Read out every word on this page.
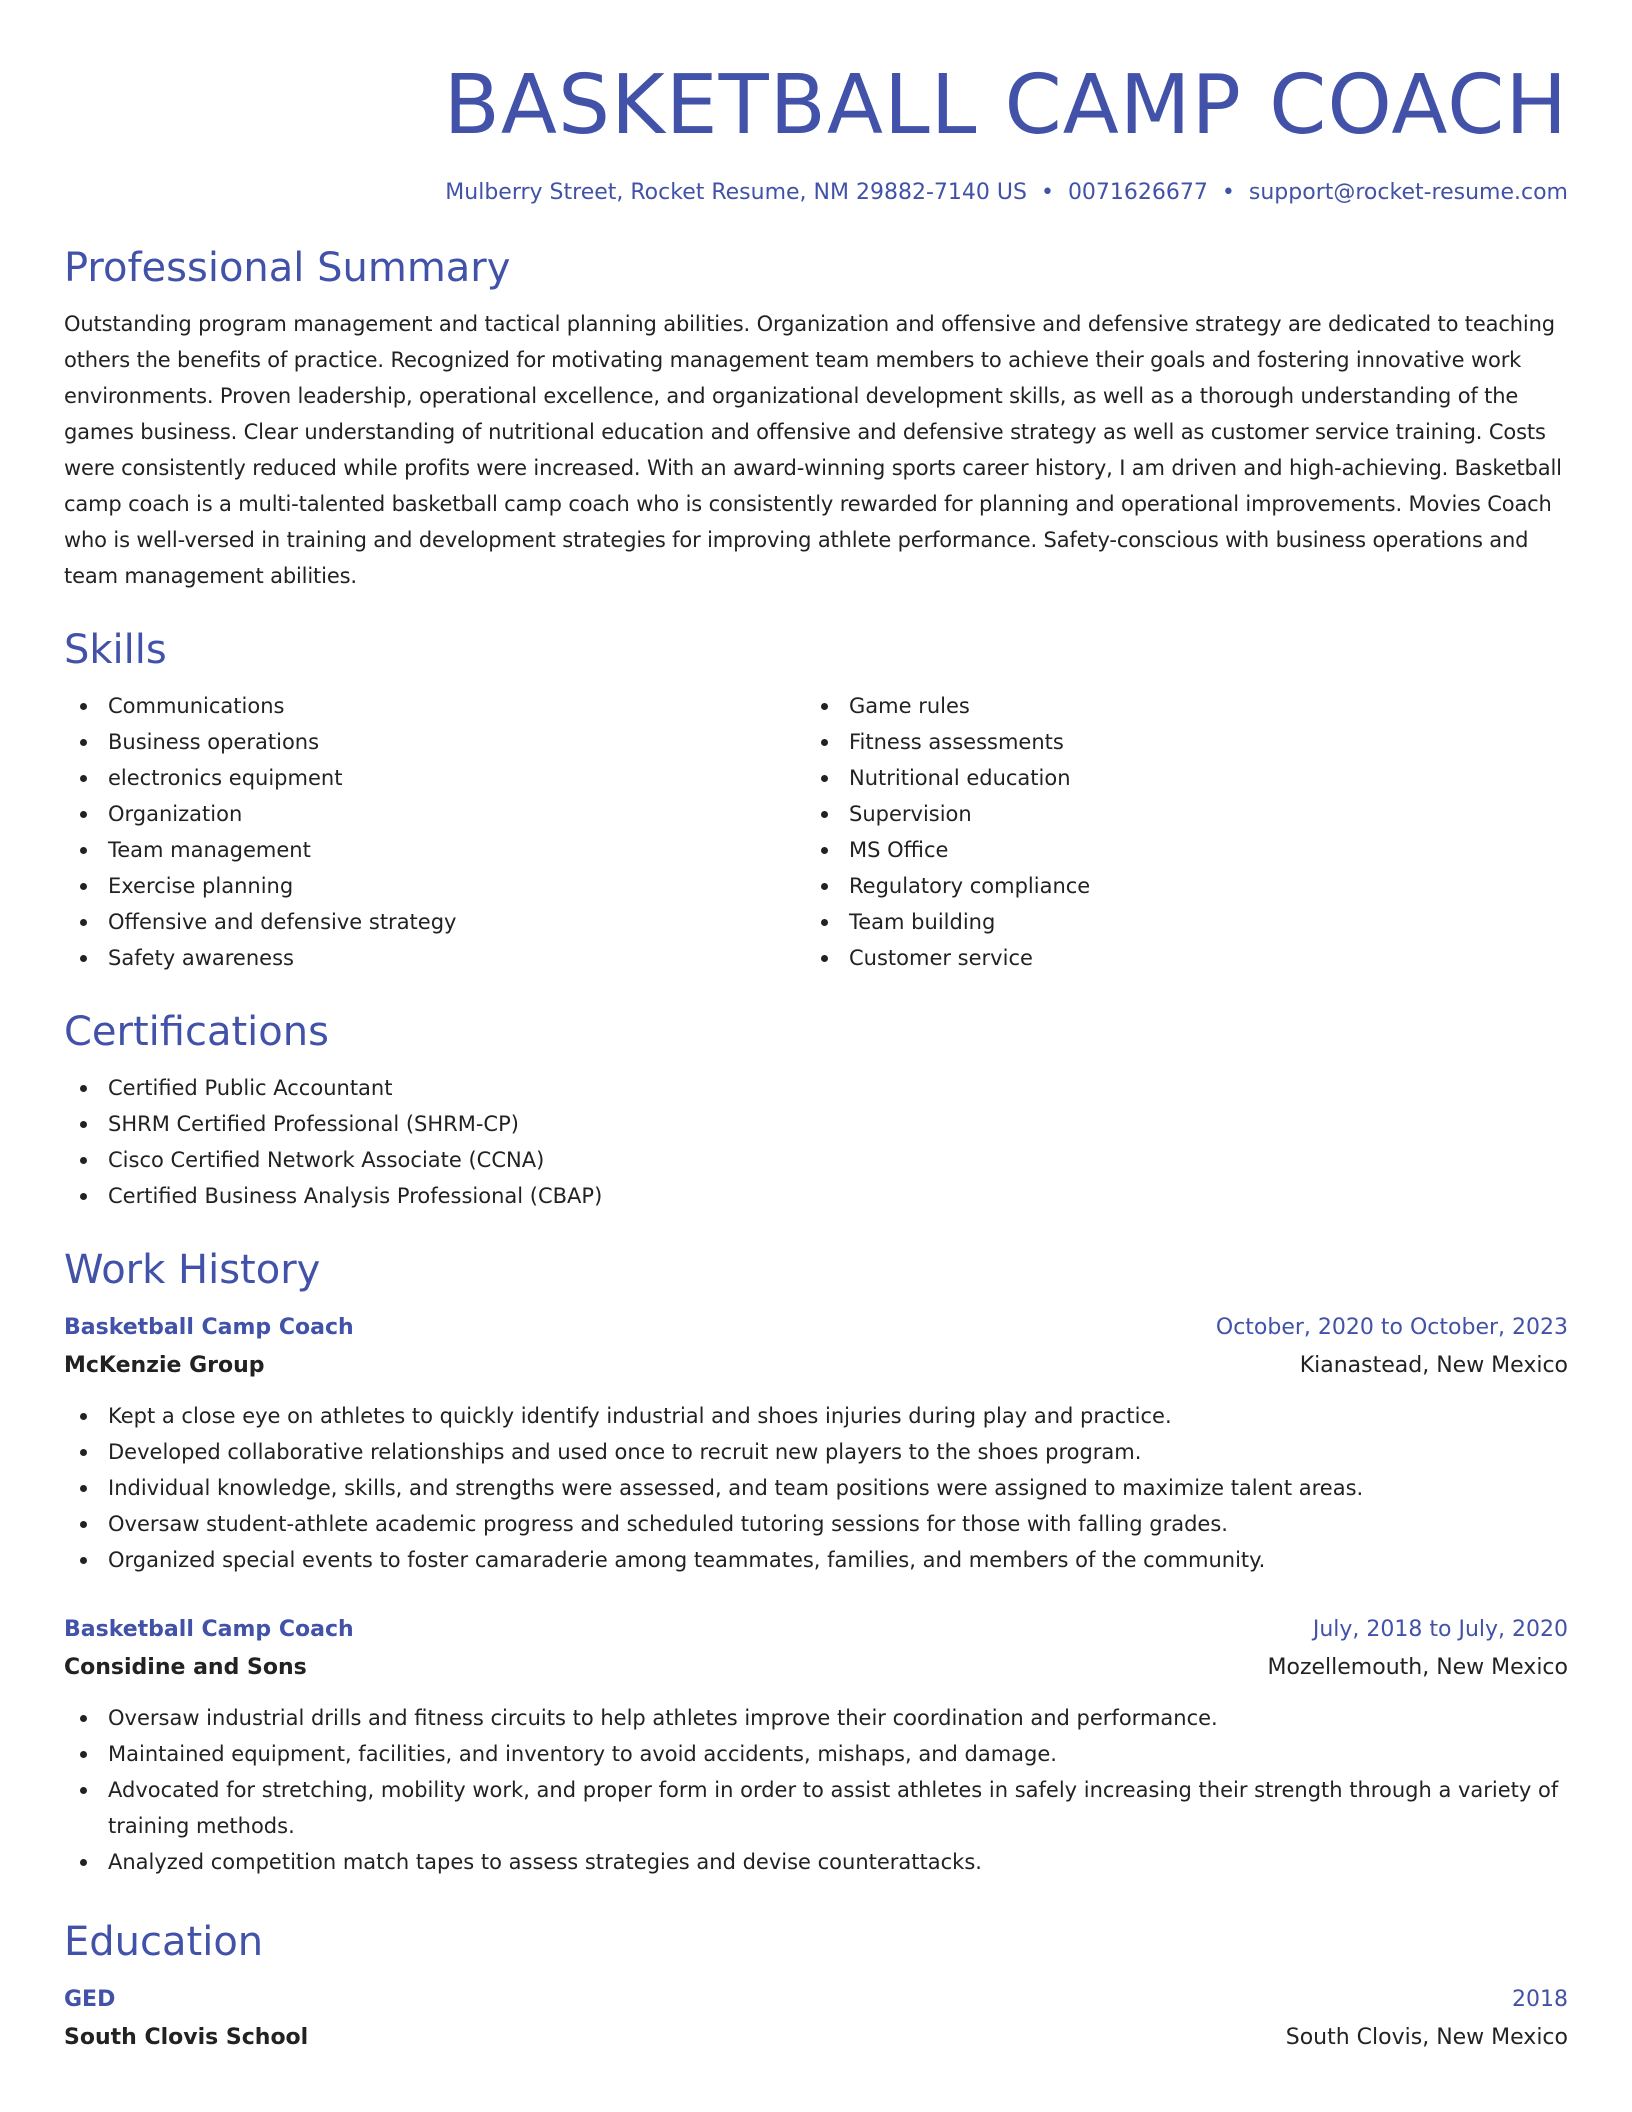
BASKETBALL CAMP COACH
Mulberry Street, Rocket Resume, NM 29882-7140 US • 0071626677 • support@rocket-resume.com
Professional Summary

Outstanding program management and tactical planning abilities. Organization and offensive and defensive strategy are dedicated to teaching others the benefits of practice. Recognized for motivating management team members to achieve their goals and fostering innovative work environments. Proven leadership, operational excellence, and organizational development skills, as well as a thorough understanding of the games business. Clear understanding of nutritional education and offensive and defensive strategy as well as customer service training. Costs were consistently reduced while profits were increased. With an award-winning sports career history, I am driven and high-achieving. Basketball camp coach is a multi-talented basketball camp coach who is consistently rewarded for planning and operational improvements. Movies Coach who is well-versed in training and development strategies for improving athlete performance. Safety-conscious with business operations and team management abilities.

Skills
Communications
Business operations
electronics equipment
Organization
Team management
Exercise planning
Offensive and defensive strategy
Safety awareness
Game rules
Fitness assessments
Nutritional education
Supervision
MS Office
Regulatory compliance
Team building
Customer service
Certifications
Certified Public Accountant
SHRM Certified Professional (SHRM-CP)
Cisco Certified Network Associate (CCNA)
Certified Business Analysis Professional (CBAP)
Work History
Basketball Camp Coach	October, 2020 to October, 2023
McKenzie Group	Kianastead, New Mexico
Kept a close eye on athletes to quickly identify industrial and shoes injuries during play and practice.
Developed collaborative relationships and used once to recruit new players to the shoes program.
Individual knowledge, skills, and strengths were assessed, and team positions were assigned to maximize talent areas.
Oversaw student-athlete academic progress and scheduled tutoring sessions for those with falling grades.
Organized special events to foster camaraderie among teammates, families, and members of the community.
Basketball Camp Coach	July, 2018 to July, 2020
Considine and Sons	Mozellemouth, New Mexico
Oversaw industrial drills and fitness circuits to help athletes improve their coordination and performance.
Maintained equipment, facilities, and inventory to avoid accidents, mishaps, and damage.
Advocated for stretching, mobility work, and proper form in order to assist athletes in safely increasing their strength through a variety of training methods.
Analyzed competition match tapes to assess strategies and devise counterattacks.
Education
GED	2018
South Clovis School	South Clovis, New Mexico
